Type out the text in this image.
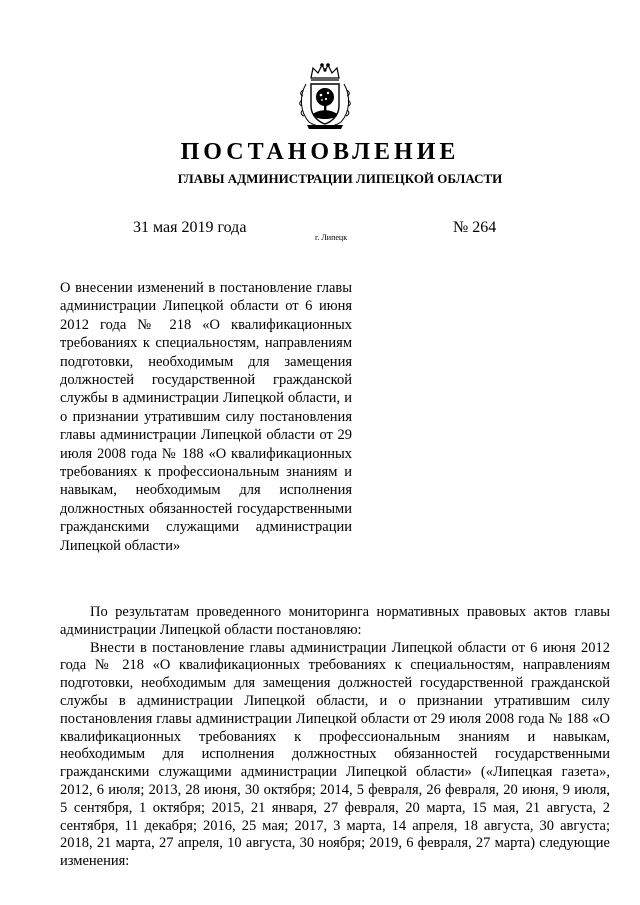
ПОСТАНОВЛЕНИЕ
ГЛАВЫ АДМИНИСТРАЦИИ ЛИПЕЦКОЙ ОБЛАСТИ
31 мая 2019 года
г. Липецк
№ 264

О внесении изменений в постановление главы администрации Липецкой области от 6 июня 2012 года № 218 «О квалификационных требованиях к специальностям, направлениям подготовки, необходимым для замещения должностей государственной гражданской службы в администрации Липецкой области, и о признании утратившим силу постановления главы администрации Липецкой области от 29 июля 2008 года № 188 «О квалификационных требованиях к профессиональным знаниям и навыкам, необходимым для исполнения должностных обязанностей государственными гражданскими служащими администрации Липецкой области»

По результатам проведенного мониторинга нормативных правовых актов главы администрации Липецкой области постановляю:

Внести в постановление главы администрации Липецкой области от 6 июня 2012 года № 218 «О квалификационных требованиях к специальностям, направлениям подготовки, необходимым для замещения должностей государственной гражданской службы в администрации Липецкой области, и о признании утратившим силу постановления главы администрации Липецкой области от 29 июля 2008 года № 188 «О квалификационных требованиях к профессиональным знаниям и навыкам, необходимым для исполнения должностных обязанностей государственными гражданскими служащими администрации Липецкой области» («Липецкая газета», 2012, 6 июля; 2013, 28 июня, 30 октября; 2014, 5 февраля, 26 февраля, 20 июня, 9 июля, 5 сентября, 1 октября; 2015, 21 января, 27 февраля, 20 марта, 15 мая, 21 августа, 2 сентября, 11 декабря; 2016, 25 мая; 2017, 3 марта, 14 апреля, 18 августа, 30 августа; 2018, 21 марта, 27 апреля, 10 августа, 30 ноября; 2019, 6 февраля, 27 марта) следующие изменения:
